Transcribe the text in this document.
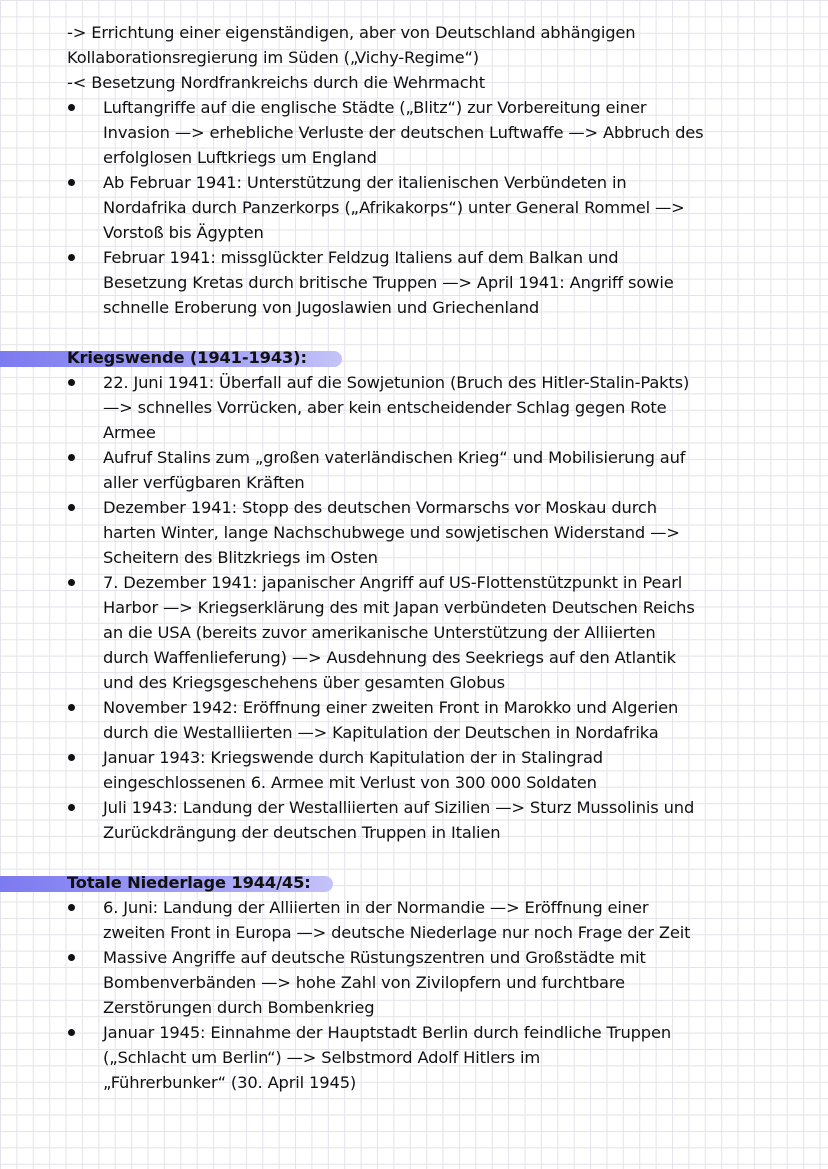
-> Errichtung einer eigenständigen, aber von Deutschland abhängigen
Kollaborationsregierung im Süden („Vichy-Regime“)
-< Besetzung Nordfrankreichs durch die Wehrmacht
Luftangriffe auf die englische Städte („Blitz“) zur Vorbereitung einer
Invasion —> erhebliche Verluste der deutschen Luftwaffe —> Abbruch des
erfolglosen Luftkriegs um England
Ab Februar 1941: Unterstützung der italienischen Verbündeten in
Nordafrika durch Panzerkorps („Afrikakorps“) unter General Rommel —>
Vorstoß bis Ägypten
Februar 1941: missglückter Feldzug Italiens auf dem Balkan und
Besetzung Kretas durch britische Truppen —> April 1941: Angriff sowie
schnelle Eroberung von Jugoslawien und Griechenland
Kriegswende (1941-1943):
22. Juni 1941: Überfall auf die Sowjetunion (Bruch des Hitler-Stalin-Pakts)
—> schnelles Vorrücken, aber kein entscheidender Schlag gegen Rote
Armee
Aufruf Stalins zum „großen vaterländischen Krieg“ und Mobilisierung auf
aller verfügbaren Kräften
Dezember 1941: Stopp des deutschen Vormarschs vor Moskau durch
harten Winter, lange Nachschubwege und sowjetischen Widerstand —>
Scheitern des Blitzkriegs im Osten
7. Dezember 1941: japanischer Angriff auf US-Flottenstützpunkt in Pearl
Harbor —> Kriegserklärung des mit Japan verbündeten Deutschen Reichs
an die USA (bereits zuvor amerikanische Unterstützung der Alliierten
durch Waffenlieferung) —> Ausdehnung des Seekriegs auf den Atlantik
und des Kriegsgeschehens über gesamten Globus
November 1942: Eröffnung einer zweiten Front in Marokko und Algerien
durch die Westalliierten —> Kapitulation der Deutschen in Nordafrika
Januar 1943: Kriegswende durch Kapitulation der in Stalingrad
eingeschlossenen 6. Armee mit Verlust von 300 000 Soldaten
Juli 1943: Landung der Westalliierten auf Sizilien —> Sturz Mussolinis und
Zurückdrängung der deutschen Truppen in Italien
Totale Niederlage 1944/45:
6. Juni: Landung der Alliierten in der Normandie —> Eröffnung einer
zweiten Front in Europa —> deutsche Niederlage nur noch Frage der Zeit
Massive Angriffe auf deutsche Rüstungszentren und Großstädte mit
Bombenverbänden —> hohe Zahl von Zivilopfern und furchtbare
Zerstörungen durch Bombenkrieg
Januar 1945: Einnahme der Hauptstadt Berlin durch feindliche Truppen
(„Schlacht um Berlin“) —> Selbstmord Adolf Hitlers im
„Führerbunker“ (30. April 1945)
